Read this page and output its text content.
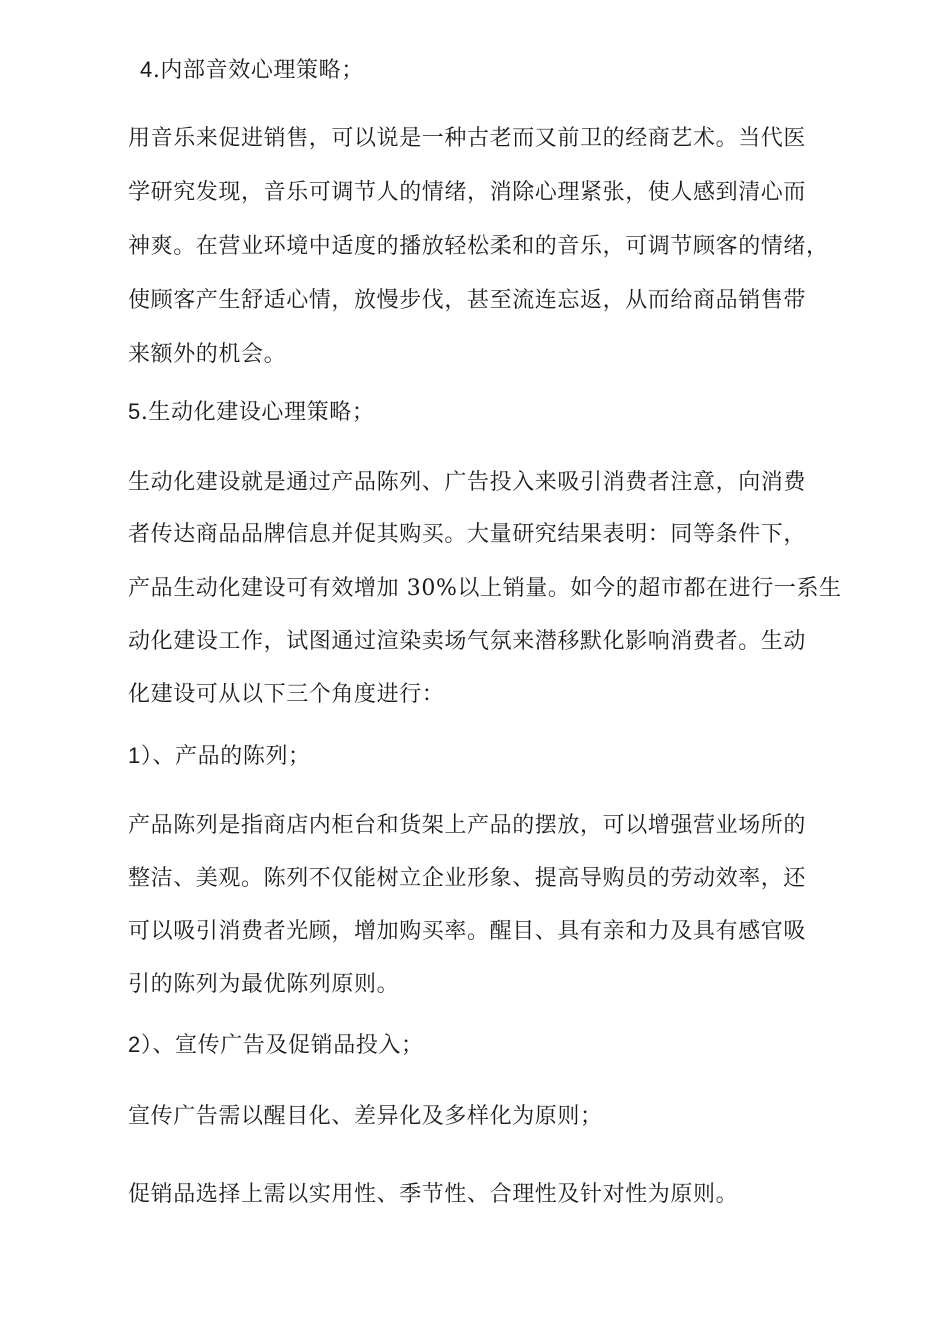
4.内部音效心理策略；
用音乐来促进销售，可以说是一种古老而又前卫的经商艺术。当代医
学研究发现，音乐可调节人的情绪，消除心理紧张，使人感到清心而
神爽。在营业环境中适度的播放轻松柔和的音乐，可调节顾客的情绪，
使顾客产生舒适心情，放慢步伐，甚至流连忘返，从而给商品销售带
来额外的机会。
5.生动化建设心理策略；
生动化建设就是通过产品陈列、广告投入来吸引消费者注意，向消费
者传达商品品牌信息并促其购买。大量研究结果表明：同等条件下，
产品生动化建设可有效增加 30%以上销量。如今的超市都在进行一系生
动化建设工作，试图通过渲染卖场气氛来潜移默化影响消费者。生动
化建设可从以下三个角度进行：
1）、产品的陈列；
产品陈列是指商店内柜台和货架上产品的摆放，可以增强营业场所的
整洁、美观。陈列不仅能树立企业形象、提高导购员的劳动效率，还
可以吸引消费者光顾，增加购买率。醒目、具有亲和力及具有感官吸
引的陈列为最优陈列原则。
2）、宣传广告及促销品投入；
宣传广告需以醒目化、差异化及多样化为原则；
促销品选择上需以实用性、季节性、合理性及针对性为原则。
